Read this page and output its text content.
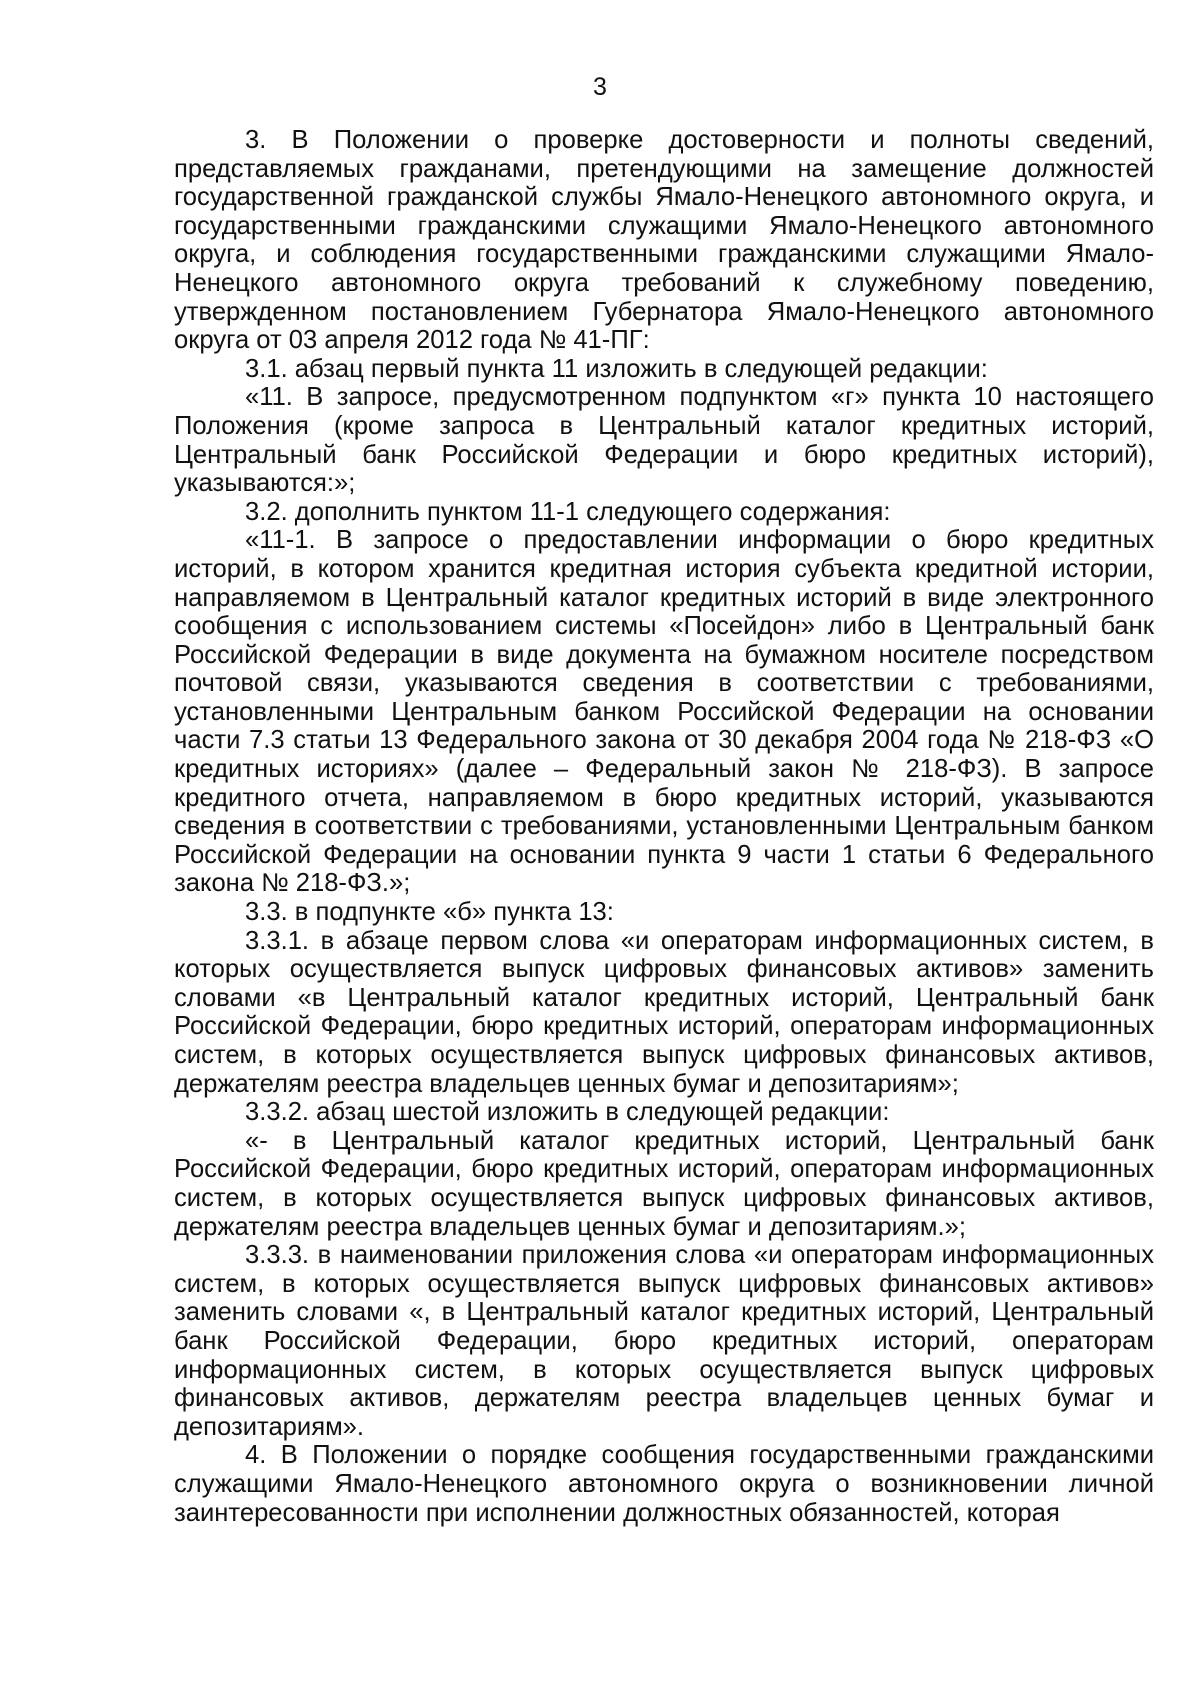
3

3. В Положении о проверке достоверности и полноты сведений, представляемых гражданами, претендующими на замещение должностей государственной гражданской службы Ямало-Ненецкого автономного округа, и государственными гражданскими служащими Ямало-Ненецкого автономного округа, и соблюдения государственными гражданскими служащими Ямало-Ненецкого автономного округа требований к служебному поведению, утвержденном постановлением Губернатора Ямало-Ненецкого автономного округа от 03 апреля 2012 года № 41-ПГ:

3.1. абзац первый пункта 11 изложить в следующей редакции:

«11. В запросе, предусмотренном подпунктом «г» пункта 10 настоящего Положения (кроме запроса в Центральный каталог кредитных историй, Центральный банк Российской Федерации и бюро кредитных историй), указываются:»;

3.2. дополнить пунктом 11-1 следующего содержания:

«11-1. В запросе о предоставлении информации о бюро кредитных историй, в котором хранится кредитная история субъекта кредитной истории, направляемом в Центральный каталог кредитных историй в виде электронного сообщения с использованием системы «Посейдон» либо в Центральный банк Российской Федерации в виде документа на бумажном носителе посредством почтовой связи, указываются сведения в соответствии с требованиями, установленными Центральным банком Российской Федерации на основании части 7.3 статьи 13 Федерального закона от 30 декабря 2004 года № 218-ФЗ «О кредитных историях» (далее – Федеральный закон № 218-ФЗ). В запросе кредитного отчета, направляемом в бюро кредитных историй, указываются сведения в соответствии с требованиями, установленными Центральным банком Российской Федерации на основании пункта 9 части 1 статьи 6 Федерального закона № 218-ФЗ.»;

3.3. в подпункте «б» пункта 13:

3.3.1. в абзаце первом слова «и операторам информационных систем, в которых осуществляется выпуск цифровых финансовых активов» заменить словами «в Центральный каталог кредитных историй, Центральный банк Российской Федерации, бюро кредитных историй, операторам информационных систем, в которых осуществляется выпуск цифровых финансовых активов, держателям реестра владельцев ценных бумаг и депозитариям»;

3.3.2. абзац шестой изложить в следующей редакции:

«- в Центральный каталог кредитных историй, Центральный банк Российской Федерации, бюро кредитных историй, операторам информационных систем, в которых осуществляется выпуск цифровых финансовых активов, держателям реестра владельцев ценных бумаг и депозитариям.»;

3.3.3. в наименовании приложения слова «и операторам информационных систем, в которых осуществляется выпуск цифровых финансовых активов» заменить словами «, в Центральный каталог кредитных историй, Центральный банк Российской Федерации, бюро кредитных историй, операторам информационных систем, в которых осуществляется выпуск цифровых финансовых активов, держателям реестра владельцев ценных бумаг и депозитариям».

4. В Положении о порядке сообщения государственными гражданскими служащими Ямало-Ненецкого автономного округа о возникновении личной заинтересованности при исполнении должностных обязанностей, которая
